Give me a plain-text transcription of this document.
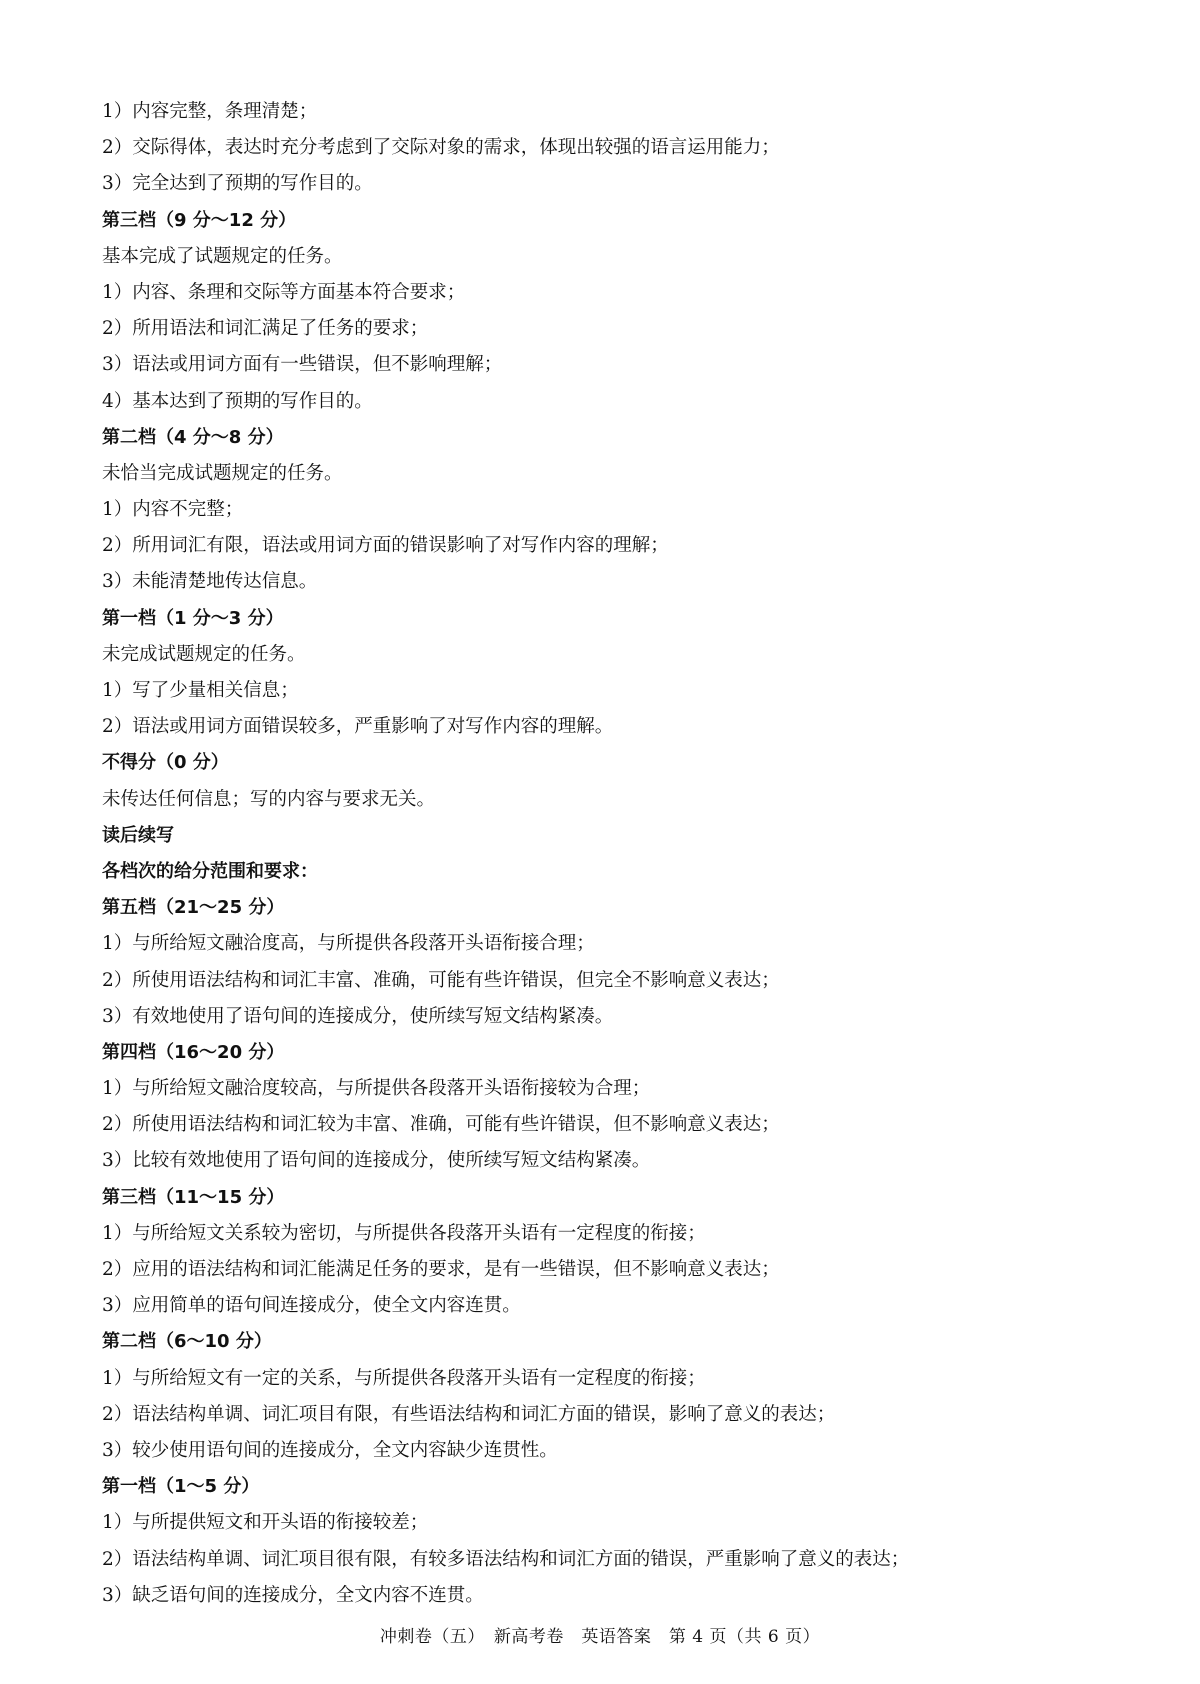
1）内容完整，条理清楚；
2）交际得体，表达时充分考虑到了交际对象的需求，体现出较强的语言运用能力；
3）完全达到了预期的写作目的。
第三档（9 分～12 分）
基本完成了试题规定的任务。
1）内容、条理和交际等方面基本符合要求；
2）所用语法和词汇满足了任务的要求；
3）语法或用词方面有一些错误，但不影响理解；
4）基本达到了预期的写作目的。
第二档（4 分～8 分）
未恰当完成试题规定的任务。
1）内容不完整；
2）所用词汇有限，语法或用词方面的错误影响了对写作内容的理解；
3）未能清楚地传达信息。
第一档（1 分～3 分）
未完成试题规定的任务。
1）写了少量相关信息；
2）语法或用词方面错误较多，严重影响了对写作内容的理解。
不得分（0 分）
未传达任何信息；写的内容与要求无关。
读后续写
各档次的给分范围和要求：
第五档（21～25 分）
1）与所给短文融洽度高，与所提供各段落开头语衔接合理；
2）所使用语法结构和词汇丰富、准确，可能有些许错误，但完全不影响意义表达；
3）有效地使用了语句间的连接成分，使所续写短文结构紧凑。
第四档（16～20 分）
1）与所给短文融洽度较高，与所提供各段落开头语衔接较为合理；
2）所使用语法结构和词汇较为丰富、准确，可能有些许错误，但不影响意义表达；
3）比较有效地使用了语句间的连接成分，使所续写短文结构紧凑。
第三档（11～15 分）
1）与所给短文关系较为密切，与所提供各段落开头语有一定程度的衔接；
2）应用的语法结构和词汇能满足任务的要求，是有一些错误，但不影响意义表达；
3）应用简单的语句间连接成分，使全文内容连贯。
第二档（6～10 分）
1）与所给短文有一定的关系，与所提供各段落开头语有一定程度的衔接；
2）语法结构单调、词汇项目有限，有些语法结构和词汇方面的错误，影响了意义的表达；
3）较少使用语句间的连接成分，全文内容缺少连贯性。
第一档（1～5 分）
1）与所提供短文和开头语的衔接较差；
2）语法结构单调、词汇项目很有限，有较多语法结构和词汇方面的错误，严重影响了意义的表达；
3）缺乏语句间的连接成分，全文内容不连贯。
冲刺卷（五）　新高考卷　英语答案　第 4 页（共 6 页）
